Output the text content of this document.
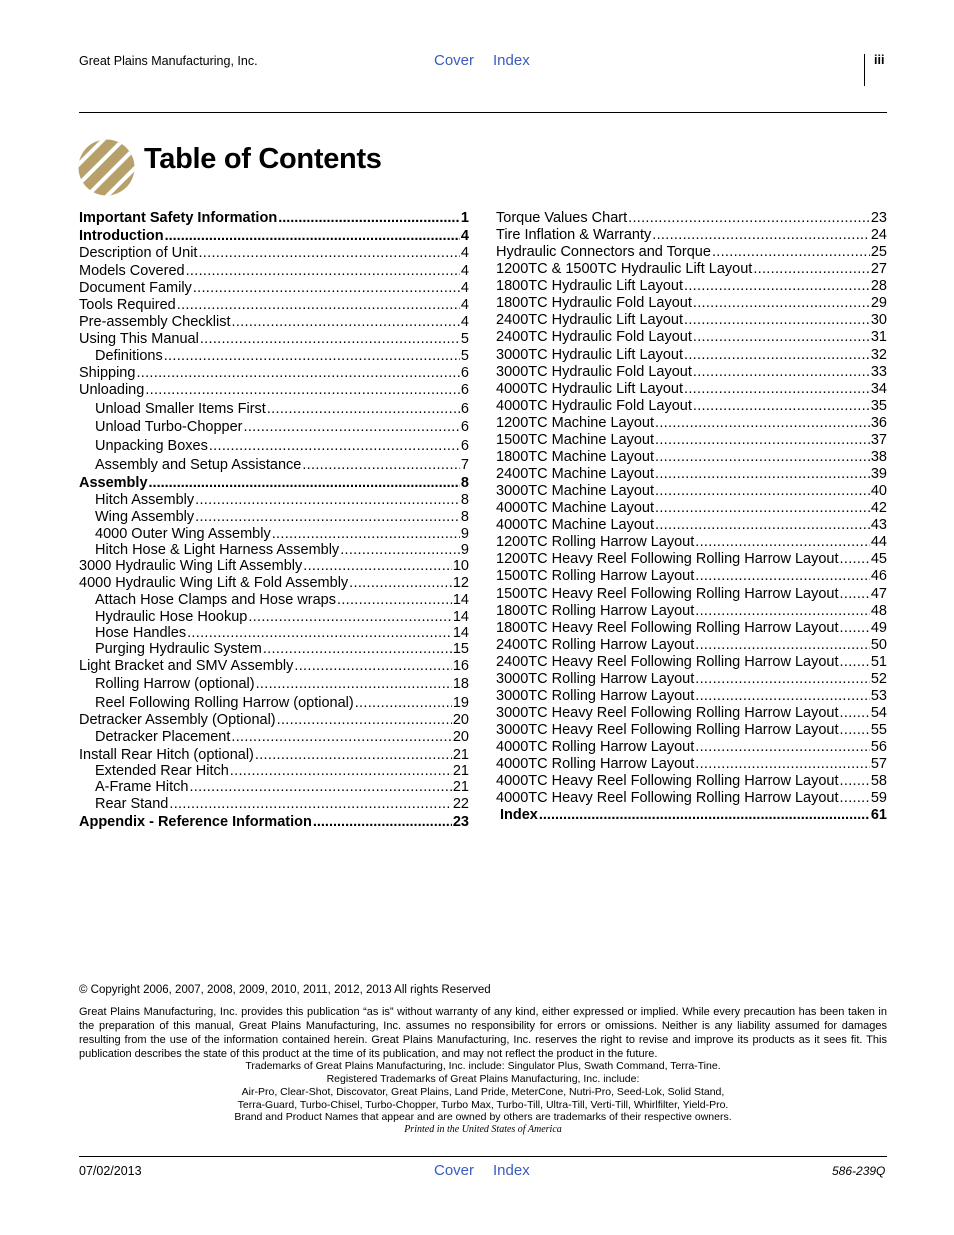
Great Plains Manufacturing, Inc.	Cover Index	iii
Table of Contents
Important Safety Information .....	1
Introduction .....	4
Description of Unit .....	4
Models Covered .....	4
Document Family .....	4
Tools Required .....	4
Pre-assembly Checklist .....	4
Using This Manual .....	5
Definitions .....	5
Shipping .....	6
Unloading .....	6
Unload Smaller Items First .....	6
Unload Turbo-Chopper .....	6
Unpacking Boxes .....	6
Assembly and Setup Assistance .....	7
Assembly .....	8
Hitch Assembly .....	8
Wing Assembly .....	8
4000 Outer Wing Assembly .....	9
Hitch Hose & Light Harness Assembly .....	9
3000 Hydraulic Wing Lift Assembly .....	10
4000 Hydraulic Wing Lift & Fold Assembly .....	12
Attach Hose Clamps and Hose wraps .....	14
Hydraulic Hose Hookup .....	14
Hose Handles .....	14
Purging Hydraulic System .....	15
Light Bracket and SMV Assembly .....	16
Rolling Harrow (optional) .....	18
Reel Following Rolling Harrow (optional) .....	19
Detracker Assembly (Optional) .....	20
Detracker Placement .....	20
Install Rear Hitch (optional) .....	21
Extended Rear Hitch .....	21
A-Frame Hitch .....	21
Rear Stand .....	22
Appendix - Reference Information .....	23
Torque Values Chart .....	23
Tire Inflation & Warranty .....	24
Hydraulic Connectors and Torque .....	25
1200TC & 1500TC Hydraulic Lift Layout .....	27
1800TC Hydraulic Lift Layout .....	28
1800TC Hydraulic Fold Layout .....	29
2400TC Hydraulic Lift Layout .....	30
2400TC Hydraulic Fold Layout .....	31
3000TC Hydraulic Lift Layout .....	32
3000TC Hydraulic Fold Layout .....	33
4000TC Hydraulic Lift Layout .....	34
4000TC Hydraulic Fold Layout .....	35
1200TC Machine Layout .....	36
1500TC Machine Layout .....	37
1800TC Machine Layout .....	38
2400TC Machine Layout .....	39
3000TC Machine Layout .....	40
4000TC Machine Layout .....	42
4000TC Machine Layout .....	43
1200TC Rolling Harrow Layout .....	44
1200TC Heavy Reel Following Rolling Harrow Layout ..... 45
1500TC Rolling Harrow Layout .....	46
1500TC Heavy Reel Following Rolling Harrow Layout ..... 47
1800TC Rolling Harrow Layout .....	48
1800TC Heavy Reel Following Rolling Harrow Layout ..... 49
2400TC Rolling Harrow Layout .....	50
2400TC Heavy Reel Following Rolling Harrow Layout ..... 51
3000TC Rolling Harrow Layout .....	52
3000TC Rolling Harrow Layout .....	53
3000TC Heavy Reel Following Rolling Harrow Layout ..... 54
3000TC Heavy Reel Following Rolling Harrow Layout ..... 55
4000TC Rolling Harrow Layout .....	56
4000TC Rolling Harrow Layout .....	57
4000TC Heavy Reel Following Rolling Harrow Layout ..... 58
4000TC Heavy Reel Following Rolling Harrow Layout ..... 59
Index .....	61
© Copyright 2006, 2007, 2008, 2009, 2010, 2011, 2012, 2013 All rights Reserved
Great Plains Manufacturing, Inc. provides this publication “as is” without warranty of any kind, either expressed or implied. While every precaution has been taken in the preparation of this manual, Great Plains Manufacturing, Inc. assumes no responsibility for errors or omissions. Neither is any liability assumed for damages resulting from the use of the information contained herein. Great Plains Manufacturing, Inc. reserves the right to revise and improve its products as it sees fit. This publication describes the state of this product at the time of its publication, and may not reflect the product in the future.
Trademarks of Great Plains Manufacturing, Inc. include: Singulator Plus, Swath Command, Terra-Tine.
Registered Trademarks of Great Plains Manufacturing, Inc. include:
Air-Pro, Clear-Shot, Discovator, Great Plains, Land Pride, MeterCone, Nutri-Pro, Seed-Lok, Solid Stand,
Terra-Guard, Turbo-Chisel, Turbo-Chopper, Turbo Max, Turbo-Till, Ultra-Till, Verti-Till, Whirlfilter, Yield-Pro.
Brand and Product Names that appear and are owned by others are trademarks of their respective owners.
Printed in the United States of America
07/02/2013	Cover Index	586-239Q
